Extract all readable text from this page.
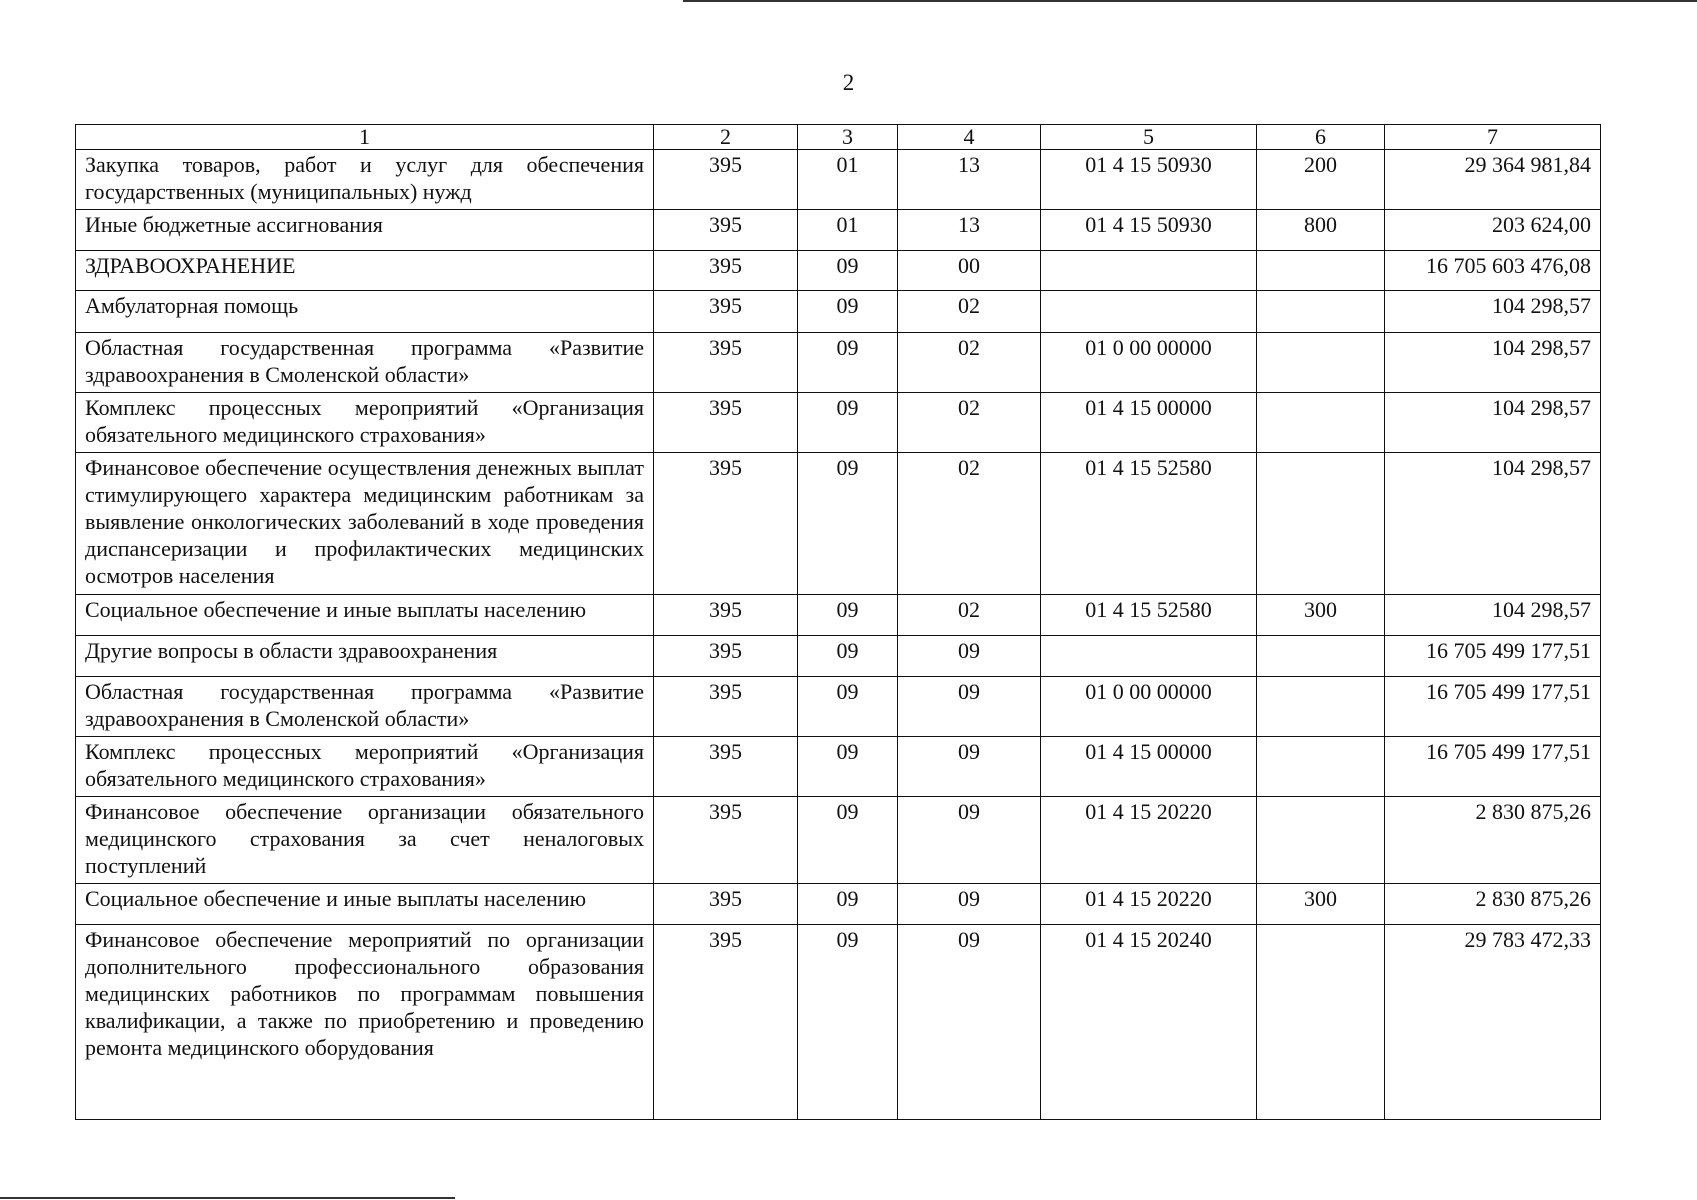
2
1	2	3	4	5	6	7
Закупка товаров, работ и услуг для обеспечения государственных (муниципальных) нужд	395	01	13	01 4 15 50930	200	29 364 981,84
Иные бюджетные ассигнования	395	01	13	01 4 15 50930	800	203 624,00
ЗДРАВООХРАНЕНИЕ	395	09	00			16 705 603 476,08
Амбулаторная помощь	395	09	02			104 298,57
Областная государственная программа «Развитие здравоохранения в Смоленской области»	395	09	02	01 0 00 00000		104 298,57
Комплекс процессных мероприятий «Организация обязательного медицинского страхования»	395	09	02	01 4 15 00000		104 298,57
Финансовое обеспечение осуществления денежных выплат стимулирующего характера медицинским работникам за выявление онкологических заболеваний в ходе проведения диспансеризации и профилактических медицинских осмотров населения	395	09	02	01 4 15 52580		104 298,57
Социальное обеспечение и иные выплаты населению	395	09	02	01 4 15 52580	300	104 298,57
Другие вопросы в области здравоохранения	395	09	09			16 705 499 177,51
Областная государственная программа «Развитие здравоохранения в Смоленской области»	395	09	09	01 0 00 00000		16 705 499 177,51
Комплекс процессных мероприятий «Организация обязательного медицинского страхования»	395	09	09	01 4 15 00000		16 705 499 177,51
Финансовое обеспечение организации обязательного медицинского страхования за счет неналоговых поступлений	395	09	09	01 4 15 20220		2 830 875,26
Социальное обеспечение и иные выплаты населению	395	09	09	01 4 15 20220	300	2 830 875,26
Финансовое обеспечение мероприятий по организации дополнительного профессионального образования медицинских работников по программам повышения квалификации, а также по приобретению и проведению ремонта медицинского оборудования	395	09	09	01 4 15 20240		29 783 472,33
